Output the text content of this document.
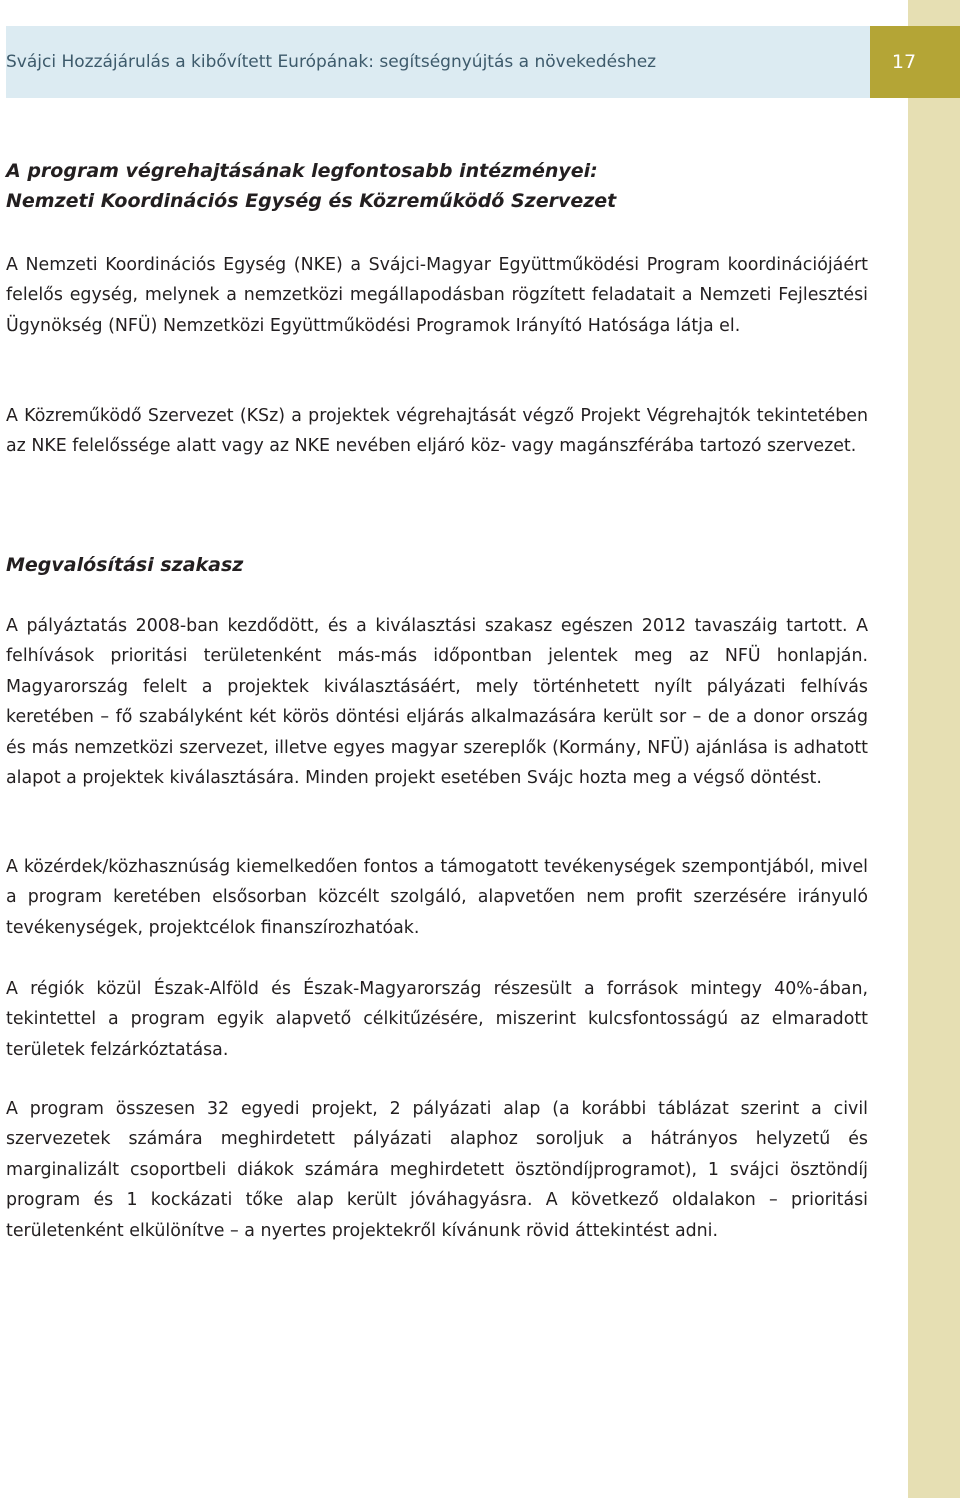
Svájci Hozzájárulás a kibővített Európának: segítségnyújtás a növekedéshez	17
A program végrehajtásának legfontosabb intézményei:
Nemzeti Koordinációs Egység és Közreműködő Szervezet

A Nemzeti Koordinációs Egység (NKE) a Svájci-Magyar Együttműködési Program koordinációjáért felelős egység, melynek a nemzetközi megállapodásban rögzített feladatait a Nemzeti Fejlesztési Ügynökség (NFÜ) Nemzetközi Együttműködési Programok Irányító Hatósága látja el.

A Közreműködő Szervezet (KSz) a projektek végrehajtását végző Projekt Végrehajtók tekintetében az NKE felelőssége alatt vagy az NKE nevében eljáró köz- vagy magánszférába tartozó szervezet.

Megvalósítási szakasz

A pályáztatás 2008-ban kezdődött, és a kiválasztási szakasz egészen 2012 tavaszáig tartott. A felhívások prioritási területenként más-más időpontban jelentek meg az NFÜ honlapján. Magyarország felelt a projektek kiválasztásáért, mely történhetett nyílt pályázati felhívás keretében – fő szabályként két körös döntési eljárás alkalmazására került sor – de a donor ország és más nemzetközi szervezet, illetve egyes magyar szereplők (Kormány, NFÜ) ajánlása is adhatott alapot a projektek kiválasztására. Minden projekt esetében Svájc hozta meg a végső döntést.

A közérdek/közhasznúság kiemelkedően fontos a támogatott tevékenységek szempontjából, mivel a program keretében elsősorban közcélt szolgáló, alapvetően nem profit szerzésére irányuló tevékenységek, projektcélok finanszírozhatóak.

A régiók közül Észak-Alföld és Észak-Magyarország részesült a források mintegy 40%-ában, tekintettel a program egyik alapvető célkitűzésére, miszerint kulcsfontosságú az elmaradott területek felzárkóztatása.

A program összesen 32 egyedi projekt, 2 pályázati alap (a korábbi táblázat szerint a civil szervezetek számára meghirdetett pályázati alaphoz soroljuk a hátrányos helyzetű és marginalizált csoportbeli diákok számára meghirdetett ösztöndíjprogramot), 1 svájci ösztöndíj program és 1 kockázati tőke alap került jóváhagyásra. A következő oldalakon – prioritási területenként elkülönítve – a nyertes projektekről kívánunk rövid áttekintést adni.
